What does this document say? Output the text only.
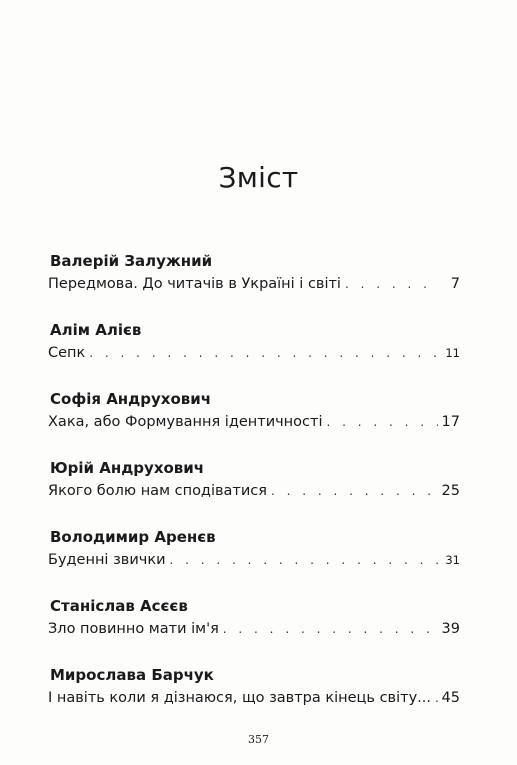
Зміст
Валерій Залужний
Передмова. До читачів в Україні і світі . . .	7
Алім Алієв
Сепк . . .	11
Софія Андрухович
Хака, або Формування ідентичності . . .	17
Юрій Андрухович
Якого болю нам сподіватися . . .	25
Володимир Аренєв
Буденні звички . . .	31
Станіслав Асєєв
Зло повинно мати ім'я . . .	39
Мирослава Барчук
І навіть коли я дізнаюся, що завтра кінець світу... . . . 45
357
